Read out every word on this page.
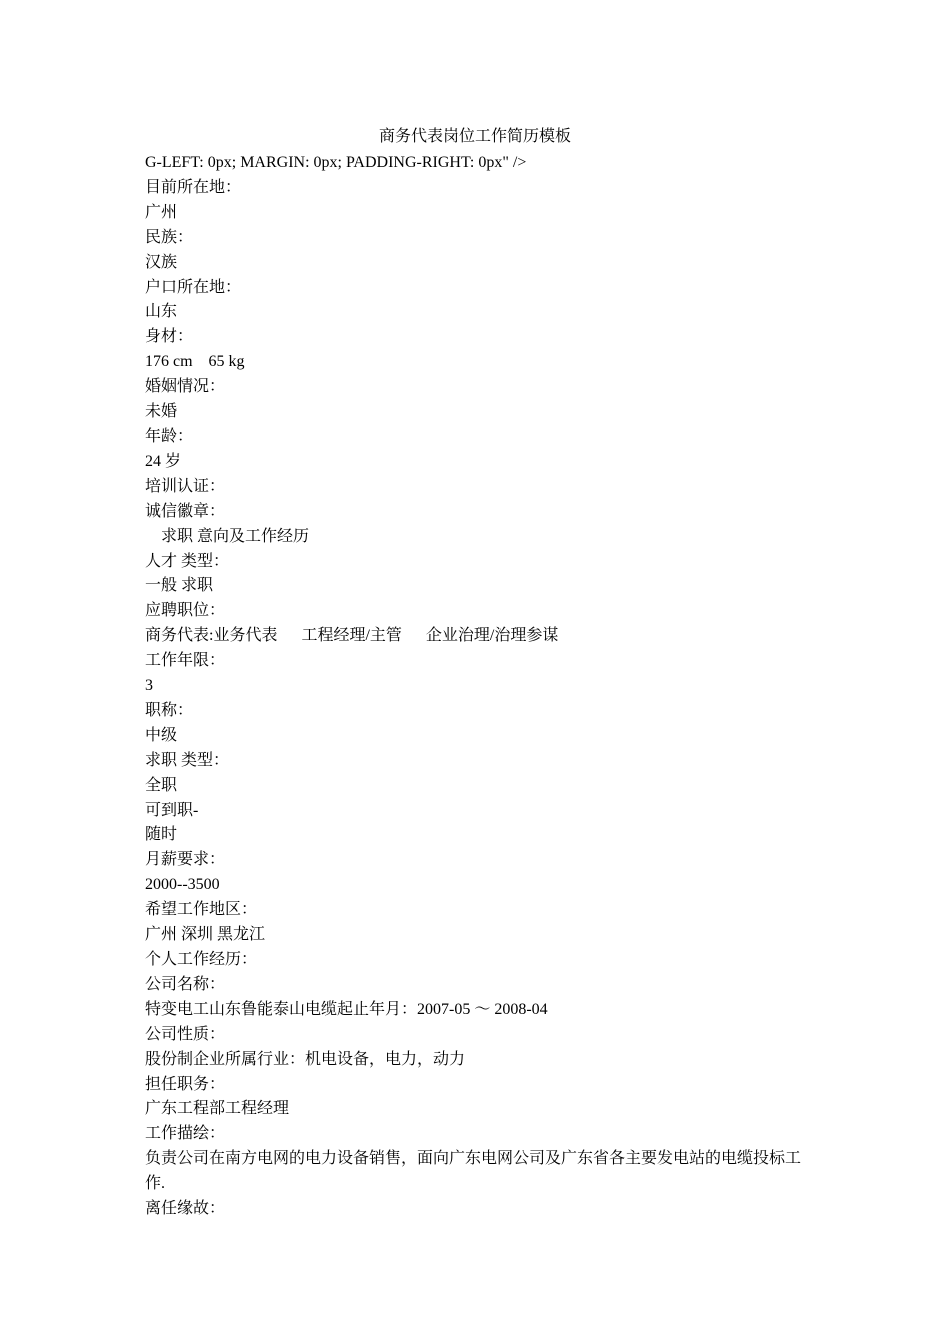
商务代表岗位工作简历模板

G-LEFT: 0px; MARGIN: 0px; PADDING-RIGHT: 0px" />

目前所在地：

广州

民族：

汉族

户口所在地：

山东

身材：

176 cm    65 kg

婚姻情况：

未婚

年龄：

24 岁

培训认证：

诚信徽章：

求职 意向及工作经历

人才 类型：

一般 求职

应聘职位：

商务代表:业务代表      工程经理/主管      企业治理/治理参谋

工作年限：

3

职称：

中级

求职 类型：

全职

可到职-

随时

月薪要求：

2000--3500

希望工作地区：

广州 深圳 黑龙江

个人工作经历：

公司名称：

特变电工山东鲁能泰山电缆起止年月：2007-05 ～ 2008-04

公司性质：

股份制企业所属行业：机电设备，电力，动力

担任职务：

广东工程部工程经理

工作描绘：

负责公司在南方电网的电力设备销售，面向广东电网公司及广东省各主要发电站的电缆投标工作.

离任缘故：
